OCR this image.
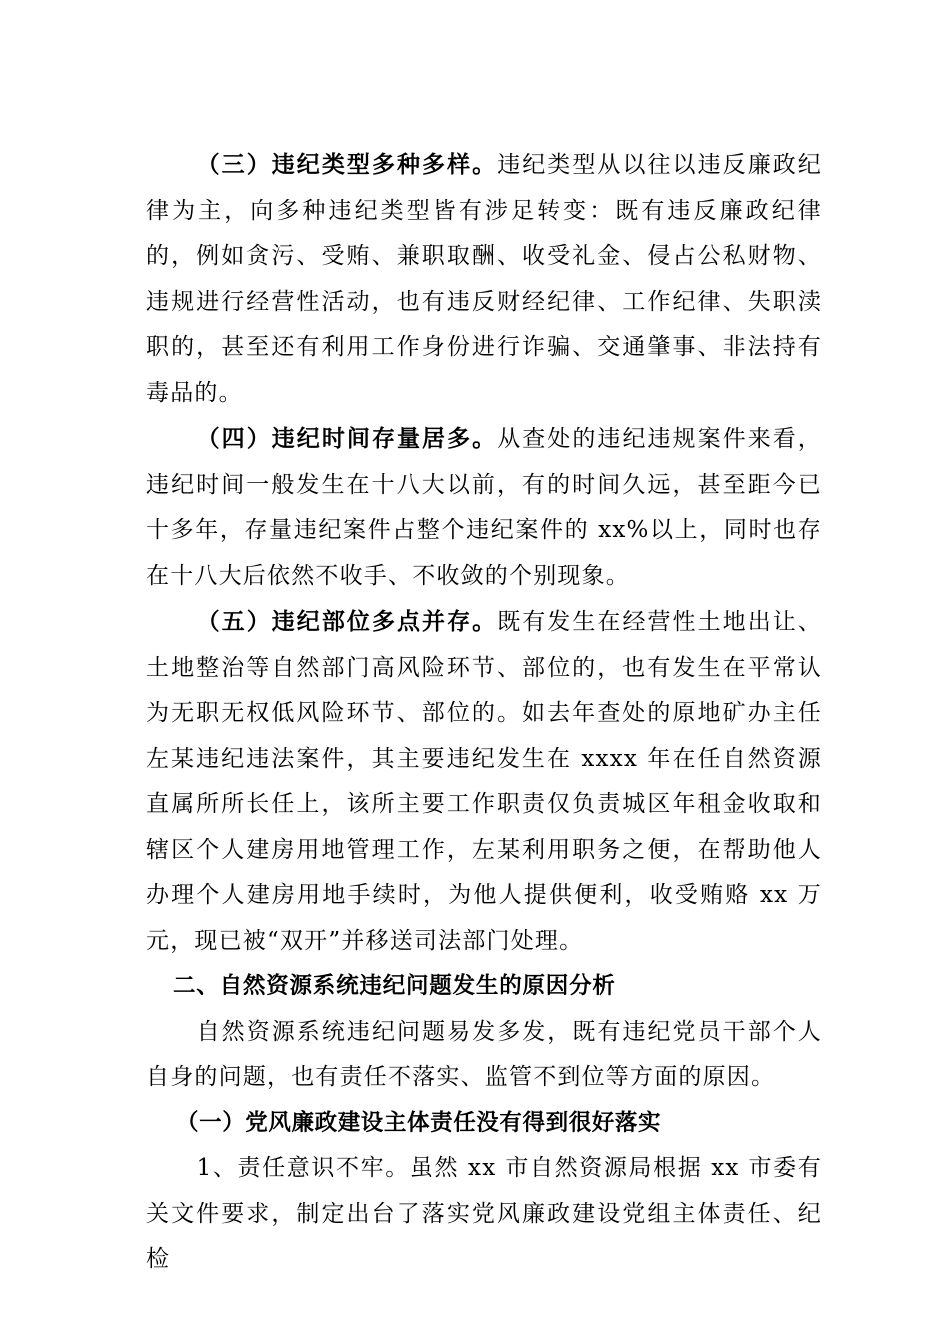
（三）违纪类型多种多样。违纪类型从以往以违反廉政纪律为主，向多种违纪类型皆有涉足转变：既有违反廉政纪律的，例如贪污、受贿、兼职取酬、收受礼金、侵占公私财物、违规进行经营性活动，也有违反财经纪律、工作纪律、失职渎职的，甚至还有利用工作身份进行诈骗、交通肇事、非法持有毒品的。

（四）违纪时间存量居多。从查处的违纪违规案件来看，违纪时间一般发生在十八大以前，有的时间久远，甚至距今已十多年，存量违纪案件占整个违纪案件的 xx%以上，同时也存在十八大后依然不收手、不收敛的个别现象。

（五）违纪部位多点并存。既有发生在经营性土地出让、土地整治等自然部门高风险环节、部位的，也有发生在平常认为无职无权低风险环节、部位的。如去年查处的原地矿办主任左某违纪违法案件，其主要违纪发生在 xxxx 年在任自然资源直属所所长任上，该所主要工作职责仅负责城区年租金收取和辖区个人建房用地管理工作，左某利用职务之便，在帮助他人办理个人建房用地手续时，为他人提供便利，收受贿赂 xx 万元，现已被“双开”并移送司法部门处理。

二、自然资源系统违纪问题发生的原因分析

自然资源系统违纪问题易发多发，既有违纪党员干部个人自身的问题，也有责任不落实、监管不到位等方面的原因。

（一）党风廉政建设主体责任没有得到很好落实

1、责任意识不牢。虽然 xx 市自然资源局根据 xx 市委有关文件要求，制定出台了落实党风廉政建设党组主体责任、纪检
